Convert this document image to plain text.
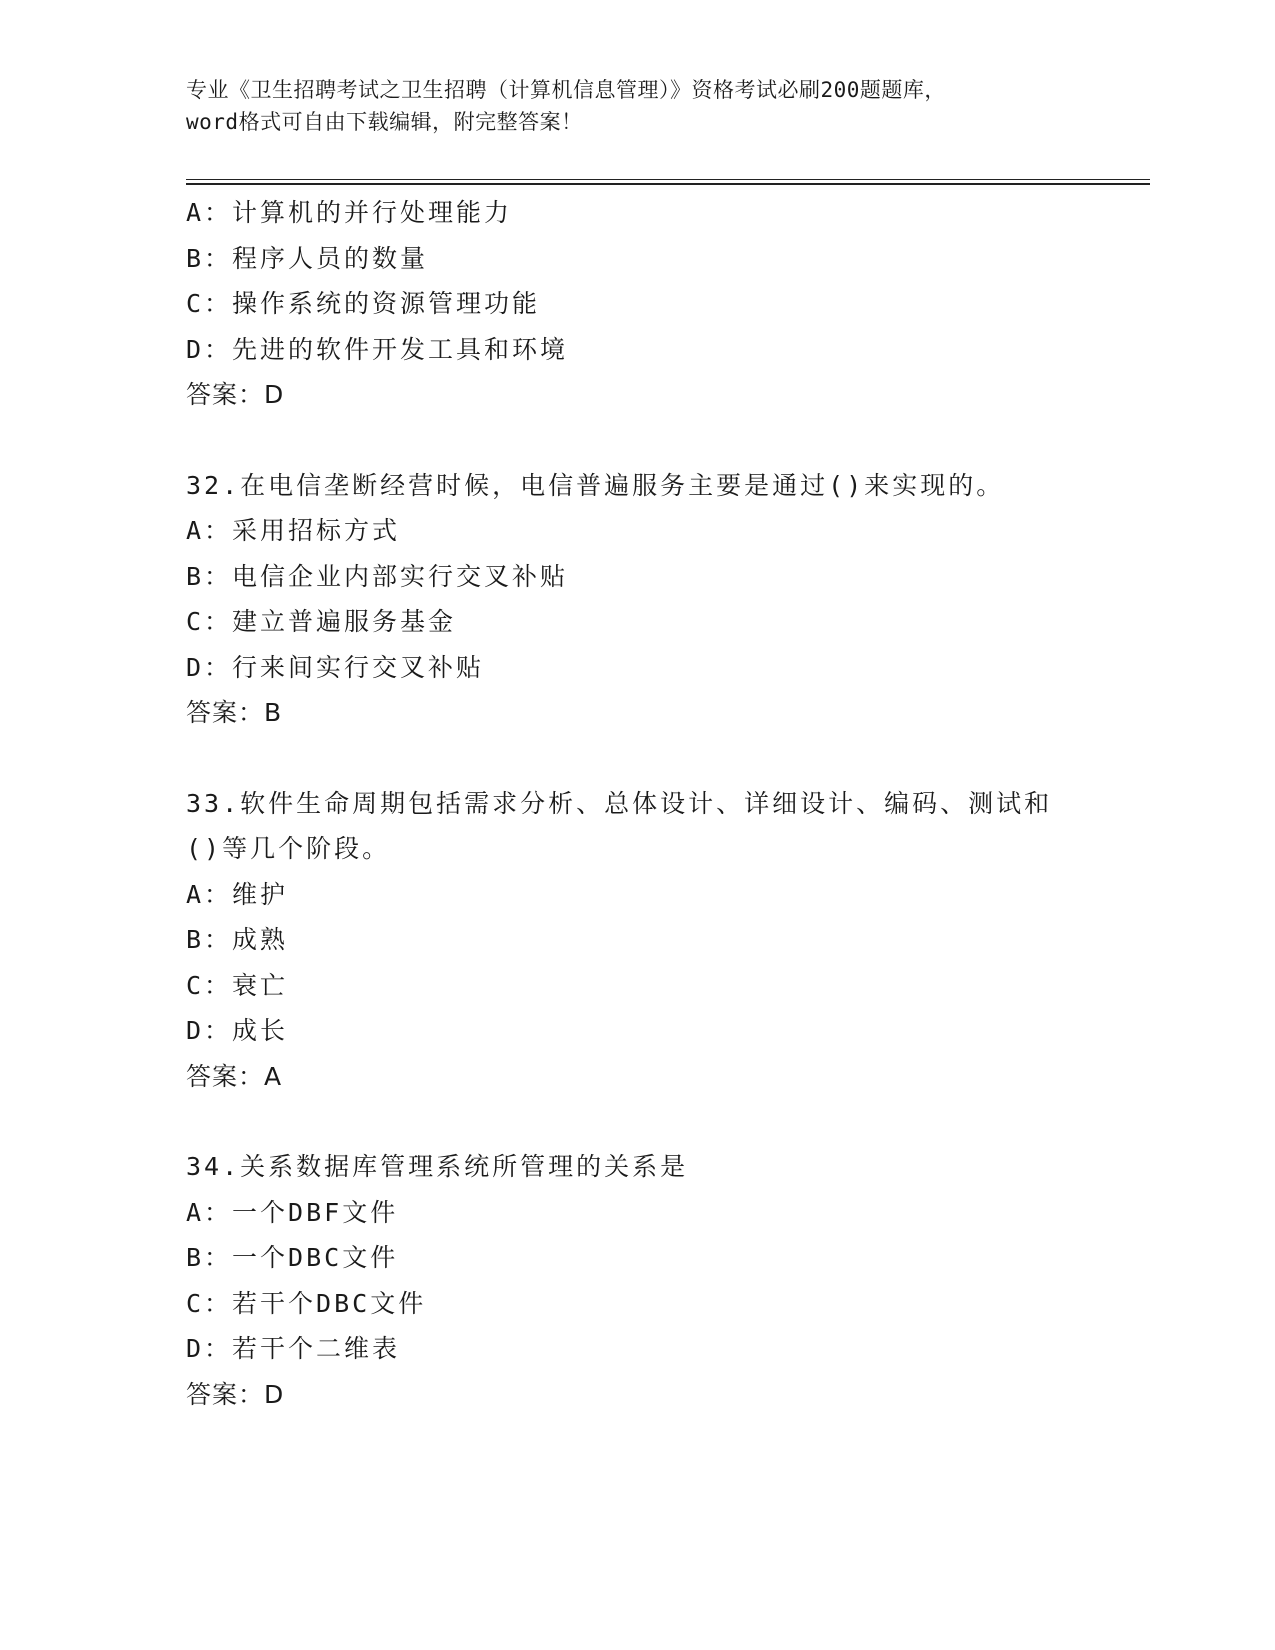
专业《卫生招聘考试之卫生招聘（计算机信息管理）》资格考试必刷200题题库，
word格式可自由下载编辑，附完整答案！
A：计算机的并行处理能力
B：程序人员的数量
C：操作系统的资源管理功能
D：先进的软件开发工具和环境
答案：D
32.在电信垄断经营时候，电信普遍服务主要是通过()来实现的。
A：采用招标方式
B：电信企业内部实行交叉补贴
C：建立普遍服务基金
D：行来间实行交叉补贴
答案：B
33.软件生命周期包括需求分析、总体设计、详细设计、编码、测试和
()等几个阶段。
A：维护
B：成熟
C：衰亡
D：成长
答案：A
34.关系数据库管理系统所管理的关系是
A：一个DBF文件
B：一个DBC文件
C：若干个DBC文件
D：若干个二维表
答案：D
